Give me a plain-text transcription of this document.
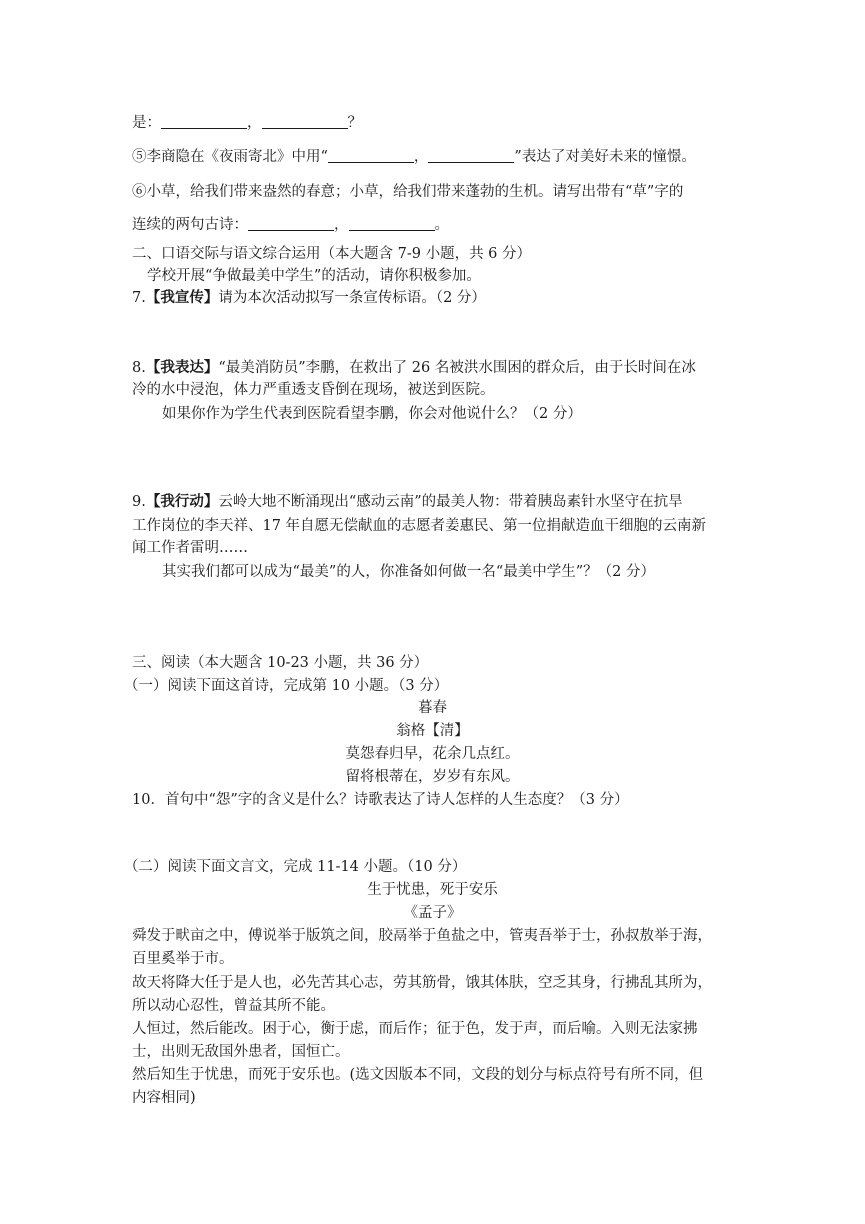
是：	，	？
⑤李商隐在《夜雨寄北》中用“	，	”表达了对美好未来的憧憬。
⑥小草，给我们带来盎然的春意；小草，给我们带来蓬勃的生机。请写出带有“草”字的
连续的两句古诗：	，	。
二、口语交际与语文综合运用（本大题含 7-9 小题，共 6 分）
学校开展“争做最美中学生”的活动，请你积极参加。
7.【我宣传】请为本次活动拟写一条宣传标语。（2 分）
8.【我表达】“最美消防员”李鹏，在救出了 26 名被洪水围困的群众后，由于长时间在冰
冷的水中浸泡，体力严重透支昏倒在现场，被送到医院。
如果你作为学生代表到医院看望李鹏，你会对他说什么？（2 分）
9.【我行动】云岭大地不断涌现出“感动云南”的最美人物：带着胰岛素针水坚守在抗旱
工作岗位的李天祥、17 年自愿无偿献血的志愿者姜惠民、第一位捐献造血干细胞的云南新
闻工作者雷明……
其实我们都可以成为“最美”的人，你准备如何做一名“最美中学生”？（2 分）
三、阅读（本大题含 10-23 小题，共 36 分）
（一）阅读下面这首诗，完成第 10 小题。（3 分）
暮春
翁格【清】
莫怨春归早，花余几点红。
留将根蒂在，岁岁有东风。
10．首句中“怨”字的含义是什么？诗歌表达了诗人怎样的人生态度？（3 分）
（二）阅读下面文言文，完成 11-14 小题。（10 分）
生于忧患，死于安乐
《孟子》
舜发于畎亩之中，傅说举于版筑之间，胶鬲举于鱼盐之中，管夷吾举于士，孙叔敖举于海，
百里奚举于市。
故天将降大任于是人也，必先苦其心志，劳其筋骨，饿其体肤，空乏其身，行拂乱其所为，
所以动心忍性，曾益其所不能。
人恒过，然后能改。困于心，衡于虑，而后作；征于色，发于声，而后喻。入则无法家拂
士，出则无敌国外患者，国恒亡。
然后知生于忧患，而死于安乐也。(选文因版本不同，文段的划分与标点符号有所不同，但
内容相同)
